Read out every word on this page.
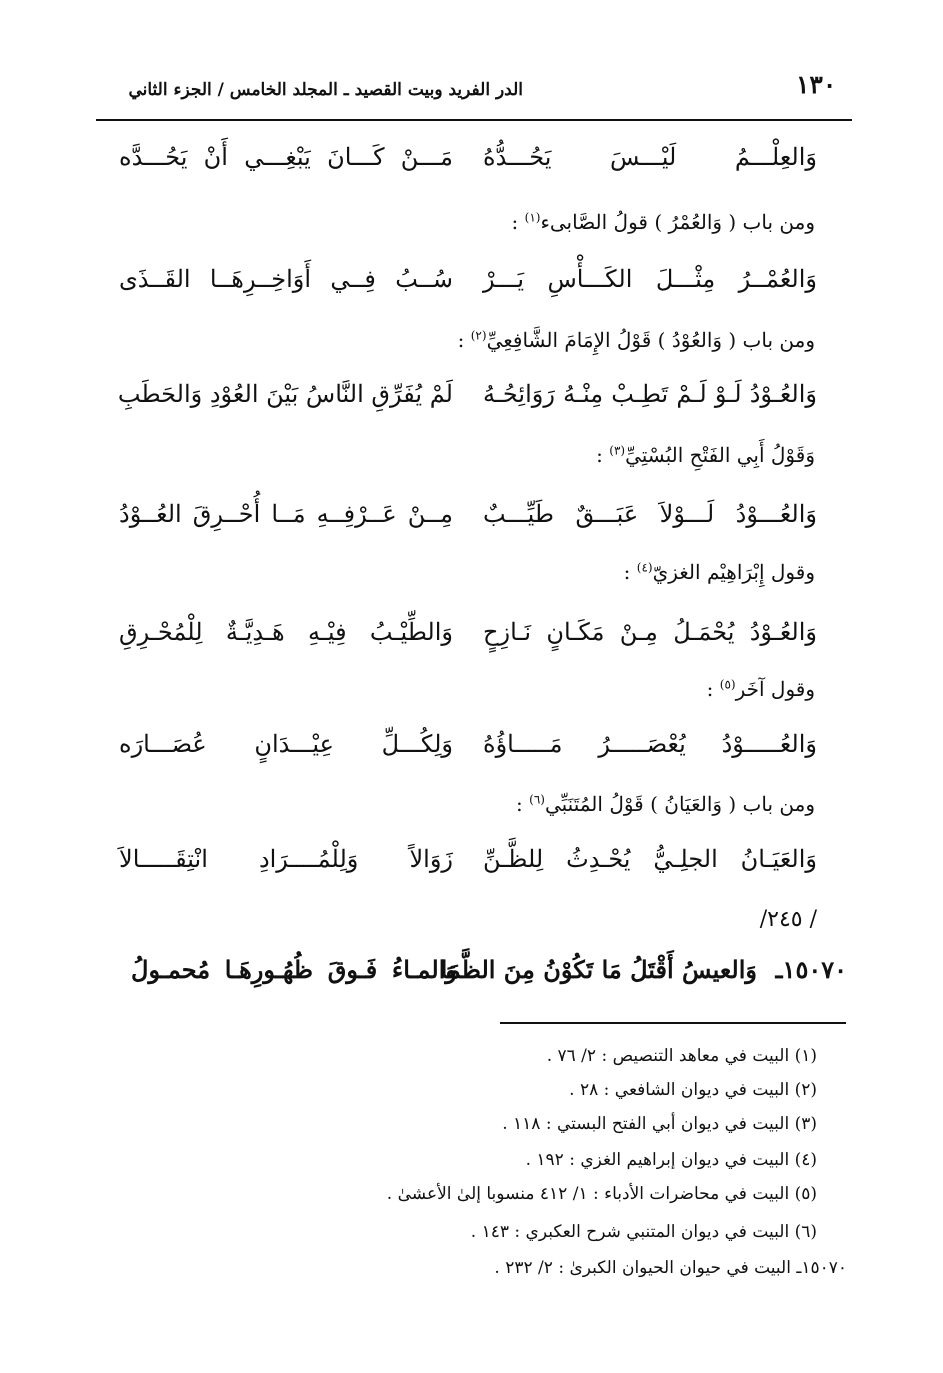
١٣٠
الدر الفريد وبيت القصيد ـ المجلد الخامس / الجزء الثاني
وَالعِلْـــمُ لَيْـــسَ يَحُـــدُّهُ
مَـــنْ كَـــانَ يَبْغِـــي أَنْ يَحُـــدَّه
ومن باب ( وَالعُمْرُ ) قولُ الصَّابىء$^{(١)}$ :
وَالعُمْــرُ مِثْـــلَ الكَـــأْسِ يَـــرْ
سُــبُ فِــي أَوَاخِــرِهَــا القَــذَى
ومن باب ( وَالعُوْدُ ) قَوْلُ الإِمَامَ الشَّافِعِيِّ$^{(٢)}$ :
وَالعُـوْدُ لَـوْ لَـمْ تَطِـبْ مِنْـهُ رَوَائِحُـهُ
لَمْ يُفَرِّقِ النَّاسُ بَيْنَ العُوْدِ وَالحَطَبِ
وَقَوْلُ أَبِي الفَتْحِ البُسْتِيِّ$^{(٣)}$ :
وَالعُـــوْدُ لَـــوْلاَ عَبَـــقٌ طَيِّـــبٌ
مِــنْ عَــرْفِــهِ مَــا أُحْــرِقَ العُــوْدُ
وقول إِبْرَاهِيْم الغزيّ$^{(٤)}$ :
وَالعُـوْدُ يُحْمَـلُ مِـنْ مَكَـانٍ نَـازِحٍ
وَالطِّيْـبُ فِيْـهِ هَـدِيَّـةٌ لِلْمُحْـرِقِ
وقول آخَر$^{(٥)}$ :
وَالعُـــــوْدُ يُعْصَـــــرُ مَـــــاؤُهُ
وَلِكُـــلِّ عِيْـــدَانٍ عُصَـــارَه
ومن باب ( وَالعَيَانُ ) قَوْلُ المُتَنَبِّي$^{(٦)}$ :
وَالعَيَـانُ الجلِـيُّ يُحْـدِثُ لِلظَّـنِّ
زَوَالاً وَلِلْمُــــرَادِ انْتِقَـــــالاَ
/ ٢٤٥/
١٥٠٧٠ـ
وَالمـاءُ فَـوقَ ظُهُـورِهَـا مُحمـولُ
وَالعيسُ أَقْتَلُ مَا تَكُوْنُ مِنَ الظَّمَا
(١) البيت في معاهد التنصيص : ٢/ ٧٦ .
(٢) البيت في ديوان الشافعي : ٢٨ .
(٣) البيت في ديوان أبي الفتح البستي : ١١٨ .
(٤) البيت في ديوان إبراهيم الغزي : ١٩٢ .
(٥) البيت في محاضرات الأدباء : ١/ ٤١٢ منسوبا إلىٰ الأعشىٰ .
(٦) البيت في ديوان المتنبي شرح العكبري : ١٤٣ .
١٥٠٧٠ـ البيت في حيوان الحيوان الكبرىٰ : ٢/ ٢٣٢ .
